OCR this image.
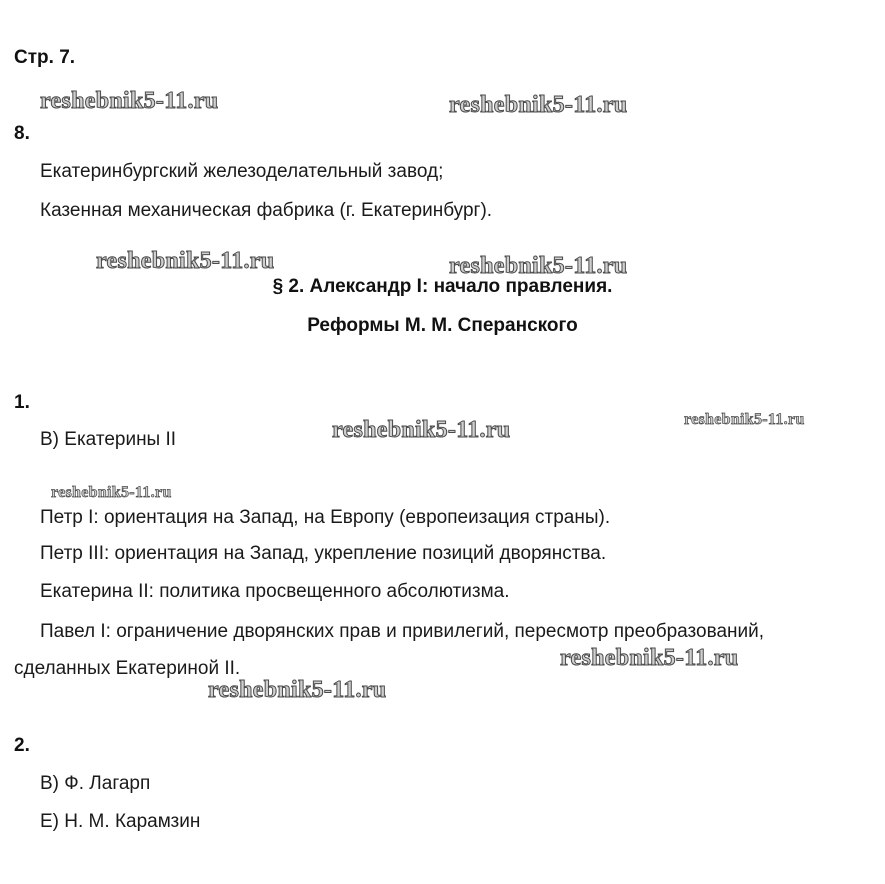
Стр. 7.
8.
Екатеринбургский железоделательный завод;
Казенная механическая фабрика (г. Екатеринбург).
§ 2. Александр I: начало правления.
Реформы М. М. Сперанского
1.
В) Екатерины II
Петр I: ориентация на Запад, на Европу (европеизация страны).
Петр III: ориентация на Запад, укрепление позиций дворянства.
Екатерина II: политика просвещенного абсолютизма.
Павел I: ограничение дворянских прав и привилегий, пересмотр преобразований,
сделанных Екатериной II.
2.
В) Ф. Лагарп
Е) Н. М. Карамзин
reshebnik5-11.ru	reshebnik5-11.ru
reshebnik5-11.ru	reshebnik5-11.ru
reshebnik5-11.ru	reshebnik5-11.ru
reshebnik5-11.ru
reshebnik5-11.ru
reshebnik5-11.ru
